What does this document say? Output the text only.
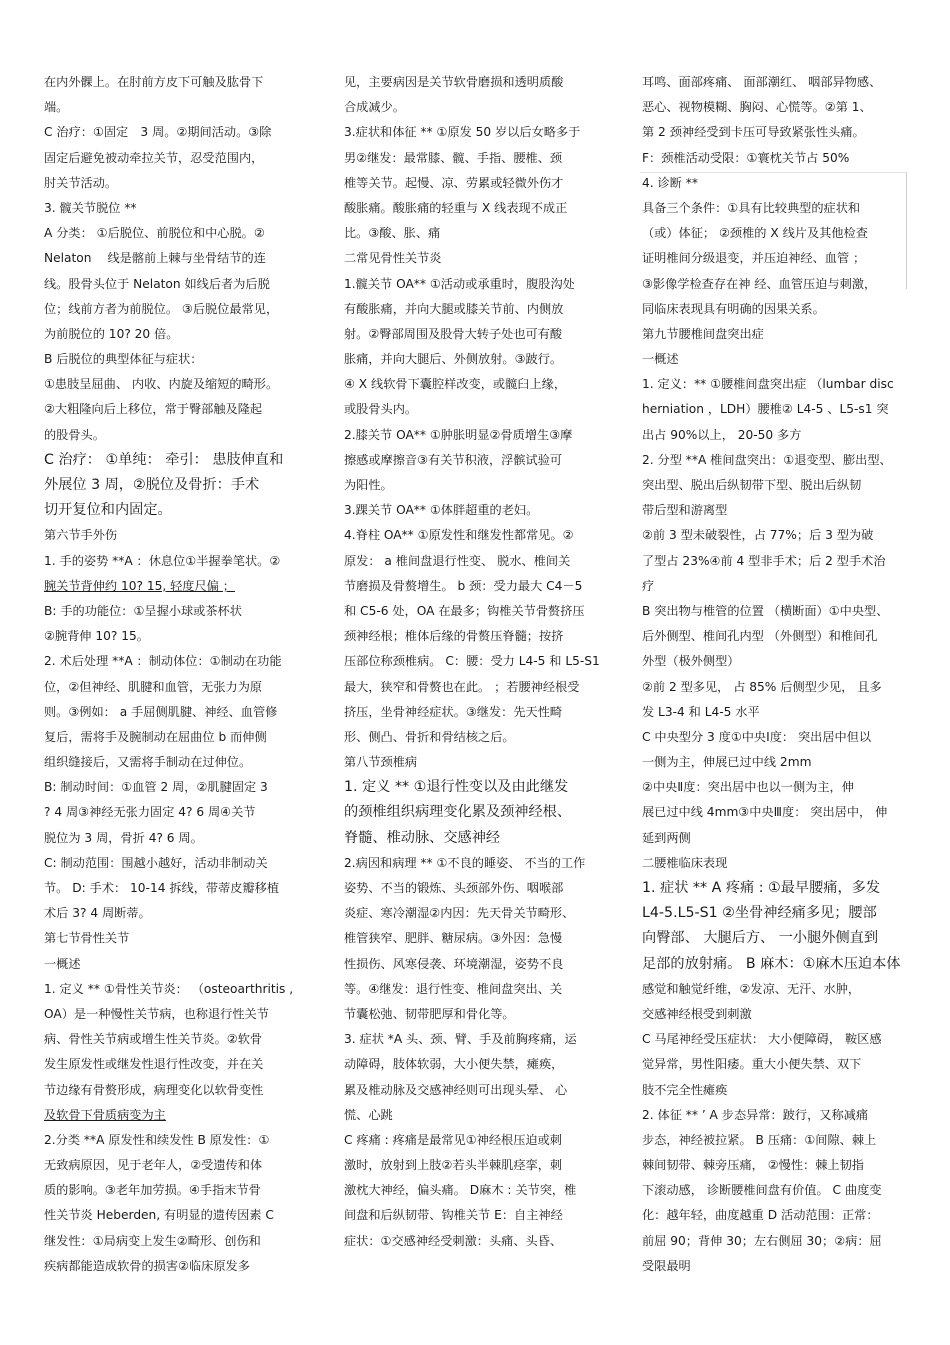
在内外髁上。在肘前方皮下可触及肱骨下
端。
C 治疗：①固定　3 周。②期间活动。③除
固定后避免被动牵拉关节，忍受范围内，
肘关节活动。
3. 髋关节脱位 **
A 分类： ①后脱位、前脱位和中心脱。②
Nelaton 　线是髂前上棘与坐骨结节的连
线。股骨头位于 Nelaton 如线后者为后脱
位；线前方者为前脱位。 ③后脱位最常见，
为前脱位的 10? 20 倍。
B 后脱位的典型体征与症状：
①患肢呈屈曲、 内收、内旋及缩短的畸形。
②大粗隆向后上移位，常于臀部触及隆起
的股骨头。
C 治疗： ①单纯： 牵引： 患肢伸直和
外展位 3 周，②脱位及骨折：手术
切开复位和内固定。
第六节手外伤
1. 手的姿势 **A ：休息位①半握拳笔状。②
腕关节背伸约 10? 15, 轻度尺偏 ；
B: 手的功能位：①呈握小球或茶杯状
②腕背伸 10? 15。
2. 术后处理 **A ：制动体位：①制动在功能
位，②但神经、肌腱和血管，无张力为原
则。③例如： a 手屈侧肌腱、神经、血管修
复后，需将手及腕制动在屈曲位 b 而伸侧
组织缝接后，又需将手制动在过伸位。
B: 制动时间：①血管 2 周，②肌腱固定 3
? 4 周③神经无张力固定 4? 6 周④关节
脱位为 3 周，骨折 4? 6 周。
C: 制动范围：围越小越好，活动非制动关
节。 D: 手术： 10-14 拆线，带蒂皮瓣移植
术后 3? 4 周断蒂。
第七节骨性关节
一概述
1. 定义 ** ①骨性关节炎： （osteoarthritis ,
OA）是一种慢性关节病，也称退行性关节
病、骨性关节病或增生性关节炎。②软骨
发生原发性或继发性退行性改变，并在关
节边缘有骨赘形成，病理变化以软骨变性
及软骨下骨质病变为主
2.分类 **A 原发性和续发性 B 原发性：①
无致病原因，见于老年人，②受遗传和体
质的影响。③老年加劳损。④手指末节骨
性关节炎 Heberden, 有明显的遗传因素 C
继发性：①局病变上发生②畸形、创伤和
疾病都能造成软骨的损害②临床原发多
见，主要病因是关节软骨磨损和透明质酸
合成减少。
3.症状和体征 ** ①原发 50 岁以后女略多于
男②继发：最常膝、髋、手指、腰椎、颈
椎等关节。起慢、凉、劳累或轻微外伤才
酸胀痛。酸胀痛的轻重与 X 线表现不成正
比。③酸、胀、痛
二常见骨性关节炎
1.髋关节 OA** ①活动或承重时，腹股沟处
有酸胀痛，并向大腿或膝关节前、内侧放
射。②臀部周围及股骨大转子处也可有酸
胀痛，并向大腿后、外侧放射。③跛行。
④ X 线软骨下囊腔样改变，或髋臼上缘，
或股骨头内。
2.膝关节 OA** ①肿胀明显②骨质增生③摩
擦感或摩擦音③有关节积液，浮髌试验可
为阳性。
3.踝关节 OA** ①体胖超重的老妇。
4.脊柱 OA** ①原发性和继发性都常见。②
原发： a 椎间盘退行性变、 脱水、椎间关
节磨损及骨赘增生。 b 颈：受力最大 C4－5
和 C5-6 处，OA 在最多；钩椎关节骨赘挤压
颈神经根；椎体后缘的骨赘压脊髓；按挤
压部位称颈椎病。 C：腰：受力 L4-5 和 L5-S1
最大，狭窄和骨赘也在此。 ；若腰神经根受
挤压，坐骨神经症状。③继发：先天性畸
形、侧凸、骨折和骨结核之后。
第八节颈椎病
1. 定义 ** ①退行性变以及由此继发
的颈椎组织病理变化累及颈神经根、
脊髓、椎动脉、交感神经
2.病因和病理 ** ①不良的睡姿、 不当的工作
姿势、不当的锻炼、头颈部外伤、咽喉部
炎症、寒冷潮湿②内因：先天骨关节畸形、
椎管狭窄、肥胖、糖尿病。③外因：急慢
性损伤、风寒侵袭、环境潮湿，姿势不良
等。④继发：退行性变、椎间盘突出、关
节囊松弛、韧带肥厚和骨化等。
3. 症状 *A 头、颈、臂、手及前胸疼痛，运
动障碍，肢体软弱，大小便失禁，瘫痪，
累及椎动脉及交感神经则可出现头晕、 心
慌、心跳
C 疼痛 : 疼痛是最常见①神经根压迫或刺
激时，放射到上肢②若头半棘肌痉挛，刺
激枕大神经，偏头痛。 D麻木 : 关节突，椎
间盘和后纵韧带、钩椎关节 E：自主神经
症状：①交感神经受刺激：头痛、头昏、
耳鸣、面部疼痛、 面部潮红、 咽部异物感、
恶心、视物模糊、胸闷、心慌等。②第 1、
第 2 颈神经受到卡压可导致紧张性头痛。
F：颈椎活动受限：①寰枕关节占 50%
4. 诊断 **
具备三个条件：①具有比较典型的症状和
（或）体征； ②颈椎的 X 线片及其他检查
证明椎间分级退变，并压迫神经、血管 ；
③影像学检查存在神 经、血管压迫与刺激，
同临床表现具有明确的因果关系。
第九节腰椎间盘突出症
一概述
1. 定义：** ①腰椎间盘突出症 （lumbar disc
herniation ，LDH）腰椎② L4-5 、L5-s1 突
出占 90%以上， 20-50 多方
2. 分型 **A 椎间盘突出：①退变型、膨出型、
突出型、脱出后纵韧带下型、脱出后纵韧
带后型和游离型
②前 3 型未破裂性，占 77%；后 3 型为破
了型占 23%④前 4 型非手术；后 2 型手术治
疗
B 突出物与椎管的位置 （横断面）①中央型、
后外侧型、椎间孔内型 （外侧型）和椎间孔
外型（极外侧型）
②前 2 型多见， 占 85% 后侧型少见， 且多
发 L3-4 和 L4-5 水平
C 中央型分 3 度①中央Ⅰ度： 突出居中但以
一侧为主，伸展已过中线 2mm
②中央Ⅱ度：突出居中也以一侧为主，伸
展已过中线 4mm③中央Ⅲ度： 突出居中， 伸
延到两侧
二腰椎临床表现
1. 症状 ** A 疼痛 : ①最早腰痛，多发
L4-5.L5-S1 ②坐骨神经痛多见；腰部
向臀部、 大腿后方、 一小腿外侧直到
足部的放射痛。 B 麻木：①麻木压迫本体
感觉和触觉纤维，②发凉、无汗、水肿，
交感神经根受到刺激
C 马尾神经受压症状： 大小便障碍， 鞍区感
觉异常，男性阳痿。重大小便失禁、双下
肢不完全性瘫痪
2. 体征 ** ’ A 步态异常：跛行，又称减痛
步态，神经被拉紧。 B 压痛：①间隙、棘上
棘间韧带、棘旁压痛， ②慢性：棘上韧指
下滚动感， 诊断腰椎间盘有价值。 C 曲度变
化：越年轻，曲度越重 D 活动范围：正常：
前屈 90；背伸 30；左右侧屈 30；②病：屈
受限最明
